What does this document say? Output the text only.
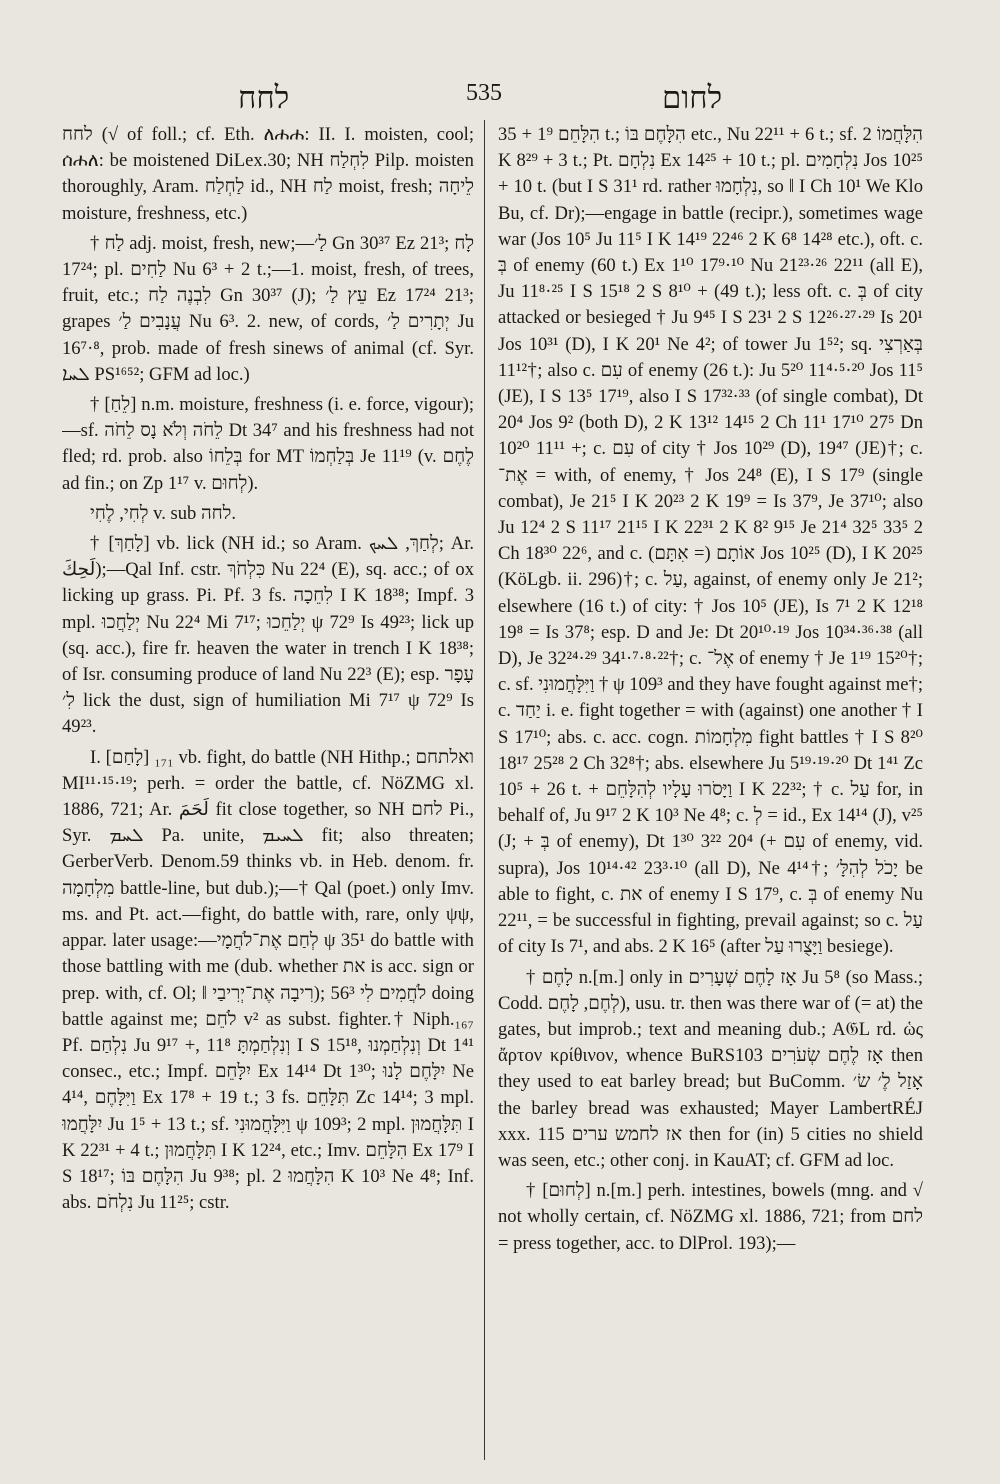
לחח	535	לחום

לחח (√ of foll.; cf. Eth. ለሐሐ: II. I. moisten, cool; ሰሐለ: be moistened DiLex.30; NH לִחְלַח Pilp. moisten thoroughly, Aram. לַחְלַח id., NH לַח moist, fresh; לֵיחָה moisture, freshness, etc.)

† לַח adj. moist, fresh, new;—לַ׳ Gn 30³⁷ Ez 21³; לָח 17²⁴; pl. לַחִים Nu 6³ + 2 t.;—1. moist, fresh, of trees, fruit, etc.; לִבְנֶה לַח Gn 30³⁷ (J); עֵץ לַ׳ Ez 17²⁴ 21³; grapes עֲנָבִים לַ׳ Nu 6³. 2. new, of cords, יְתָרִים לַ׳ Ju 16⁷·⁸, prob. made of fresh sinews of animal (cf. Syr. ܠܚܐ PS¹⁶⁵²; GFM ad loc.)

† [לֵחַ] n.m. moisture, freshness (i. e. force, vigour);—sf. לֵחֹה וְלֹא נָס לֵחֹה Dt 34⁷ and his freshness had not fled; rd. prob. also בְּלֵחוֹ for MT בְּלַחְמוֹ Je 11¹⁹ (v. לֶחֶם ad fin.; on Zp 1¹⁷ v. לְחוּם).

לְחִי, לֶחִי v. sub לחה.

† [לָחַךְ] vb. lick (NH id.; so Aram. לְחַךְ, ܠܚܟ; Ar. لَحِكَ);—Qal Inf. cstr. כִּלְחֹךְ Nu 22⁴ (E), sq. acc.; of ox licking up grass. Pi. Pf. 3 fs. לִחֵכָה I K 18³⁸; Impf. 3 mpl. יְלַחֲכוּ Nu 22⁴ Mi 7¹⁷; יְלַחֵכוּ ψ 72⁹ Is 49²³; lick up (sq. acc.), fire fr. heaven the water in trench I K 18³⁸; of Isr. consuming produce of land Nu 22³ (E); esp. עָפָר לִ׳ lick the dust, sign of humiliation Mi 7¹⁷ ψ 72⁹ Is 49²³.

I. [לָחַם] ₁₇₁ vb. fight, do battle (NH Hithp.; ואלתחם MI¹¹·¹⁵·¹⁹; perh. = order the battle, cf. NöZMG xl. 1886, 721; Ar. لَحَمَ fit close together, so NH לחם Pi., Syr. ܠܚܡ Pa. unite, ܠܚܝܡ fit; also threaten; GerberVerb. Denom.59 thinks vb. in Heb. denom. fr. מִלְחָמָה battle-line, but dub.);—† Qal (poet.) only Imv. ms. and Pt. act.—fight, do battle with, rare, only ψψ, appar. later usage:—לְחַם אֶת־לֹחֲמָי ψ 35¹ do battle with those battling with me (dub. whether את is acc. sign or prep. with, cf. Ol; ‖ רִיבָה אֶת־יְרִיבַי); לֹחֲמִים לִי 56³ doing battle against me; לֹחֵם v² as subst. fighter.† Niph.₁₆₇ Pf. נִלְחַם Ju 9¹⁷ +, וְנִלְחַמְתָּ 11⁸ I S 15¹⁸, וְנִלְחַמְנוּ Dt 1⁴¹ consec., etc.; Impf. יִלָּחֵם Ex 14¹⁴ Dt 1³⁰; יִלָּחֶם לָנוּ Ne 4¹⁴, וַיִּלָּחֶם Ex 17⁸ + 19 t.; 3 fs. תִּלָּחֵם Zc 14¹⁴; 3 mpl. יִלָּחֲמוּ Ju 1⁵ + 13 t.; sf. וַיִּלָּחֲמוּנִי ψ 109³; 2 mpl. תִּלָּחֲמוּן I K 22³¹ + 4 t.; תִּלָּחֲמוּן I K 12²⁴, etc.; Imv. הִלָּחֵם Ex 17⁹ I S 18¹⁷; הִלָּחֶם בּוֹ Ju 9³⁸; pl. הִלָּחֲמוּ 2 K 10³ Ne 4⁸; Inf. abs. נִלְחֹם Ju 11²⁵; cstr.

הִלָּחֵם 1⁹ + 35 t.; הִלָּחֶם בּוֹ etc., Nu 22¹¹ + 6 t.; sf. הִלָּחֲמוֹ 2 K 8²⁹ + 3 t.; Pt. נִלְחָם Ex 14²⁵ + 10 t.; pl. נִלְחָמִים Jos 10²⁵ + 10 t. (but I S 31¹ rd. rather נִלְחָמוּ, so ‖ I Ch 10¹ We Klo Bu, cf. Dr);—engage in battle (recipr.), sometimes wage war (Jos 10⁵ Ju 11⁵ I K 14¹⁹ 22⁴⁶ 2 K 6⁸ 14²⁸ etc.), oft. c. בְּ of enemy (60 t.) Ex 1¹⁰ 17⁹·¹⁰ Nu 21²³·²⁶ 22¹¹ (all E), Ju 11⁸·²⁵ I S 15¹⁸ 2 S 8¹⁰ + (49 t.); less oft. c. בְּ of city attacked or besieged † Ju 9⁴⁵ I S 23¹ 2 S 12²⁶·²⁷·²⁹ Is 20¹ Jos 10³¹ (D), I K 20¹ Ne 4²; of tower Ju 1⁵²; sq. בְּאַרְצִי 11¹²†; also c. עִם of enemy (26 t.): Ju 5²⁰ 11⁴·⁵·²⁰ Jos 11⁵ (JE), I S 13⁵ 17¹⁹, also I S 17³²·³³ (of single combat), Dt 20⁴ Jos 9² (both D), 2 K 13¹² 14¹⁵ 2 Ch 11¹ 17¹⁰ 27⁵ Dn 10²⁰ 11¹¹ +; c. עִם of city † Jos 10²⁹ (D), 19⁴⁷ (JE)†; c. אֶת־ = with, of enemy, † Jos 24⁸ (E), I S 17⁹ (single combat), Je 21⁵ I K 20²³ 2 K 19⁹ = Is 37⁹, Je 37¹⁰; also Ju 12⁴ 2 S 11¹⁷ 21¹⁵ I K 22³¹ 2 K 8² 9¹⁵ Je 21⁴ 32⁵ 33⁵ 2 Ch 18³⁰ 22⁶, and c. אוֹתָם (= אִתָּם) Jos 10²⁵ (D), I K 20²⁵ (KöLgb. ii. 296)†; c. עַל, against, of enemy only Je 21²; elsewhere (16 t.) of city: † Jos 10⁵ (JE), Is 7¹ 2 K 12¹⁸ 19⁸ = Is 37⁸; esp. D and Je: Dt 20¹⁰·¹⁹ Jos 10³⁴·³⁶·³⁸ (all D), Je 32²⁴·²⁹ 34¹·⁷·⁸·²²†; c. אֶל־ of enemy † Je 1¹⁹ 15²⁰†; c. sf. וַיִּלָּחֲמוּנִי † ψ 109³ and they have fought against me†; c. יַחַד i. e. fight together = with (against) one another † I S 17¹⁰; abs. c. acc. cogn. מִלְחָמוֹת fight battles † I S 8²⁰ 18¹⁷ 25²⁸ 2 Ch 32⁸†; abs. elsewhere Ju 5¹⁹·¹⁹·²⁰ Dt 1⁴¹ Zc 10⁵ + 26 t. + וַיָּסֹרוּ עָלָיו לְהִלָּחֵם I K 22³²; † c. עַל for, in behalf of, Ju 9¹⁷ 2 K 10³ Ne 4⁸; c. לְ = id., Ex 14¹⁴ (J), v²⁵ (J; + בְּ of enemy), Dt 1³⁰ 3²² 20⁴ (+ עִם of enemy, vid. supra), Jos 10¹⁴·⁴² 23³·¹⁰ (all D), Ne 4¹⁴†; יָכֹל לְהִלָּ׳ be able to fight, c. את of enemy I S 17⁹, c. בְּ of enemy Nu 22¹¹, = be successful in fighting, prevail against; so c. עַל of city Is 7¹, and abs. 2 K 16⁵ (after וַיָּצֻרוּ עַל besiege).

† לָחֶם n.[m.] only in אָז לָחֶם שְׁעָרִים Ju 5⁸ (so Mass.; Codd. לְחֶם, לָחֶם), usu. tr. then was there war of (= at) the gates, but improb.; text and meaning dub.; A𝔊L rd. ὡς ἄρτον κρίθινον, whence BuRS103 אָז לֶחֶם שְׂעֹרִים then they used to eat barley bread; but BuComm. אָזַל לֶ׳ שׂ׳ the barley bread was exhausted; Mayer LambertRÉJ xxx. 115 אז לחמש ערים then for (in) 5 cities no shield was seen, etc.; other conj. in KauAT; cf. GFM ad loc.

† [לְחוּם] n.[m.] perh. intestines, bowels (mng. and √ not wholly certain, cf. NöZMG xl. 1886, 721; from לחם = press together, acc. to DlProl. 193);—
